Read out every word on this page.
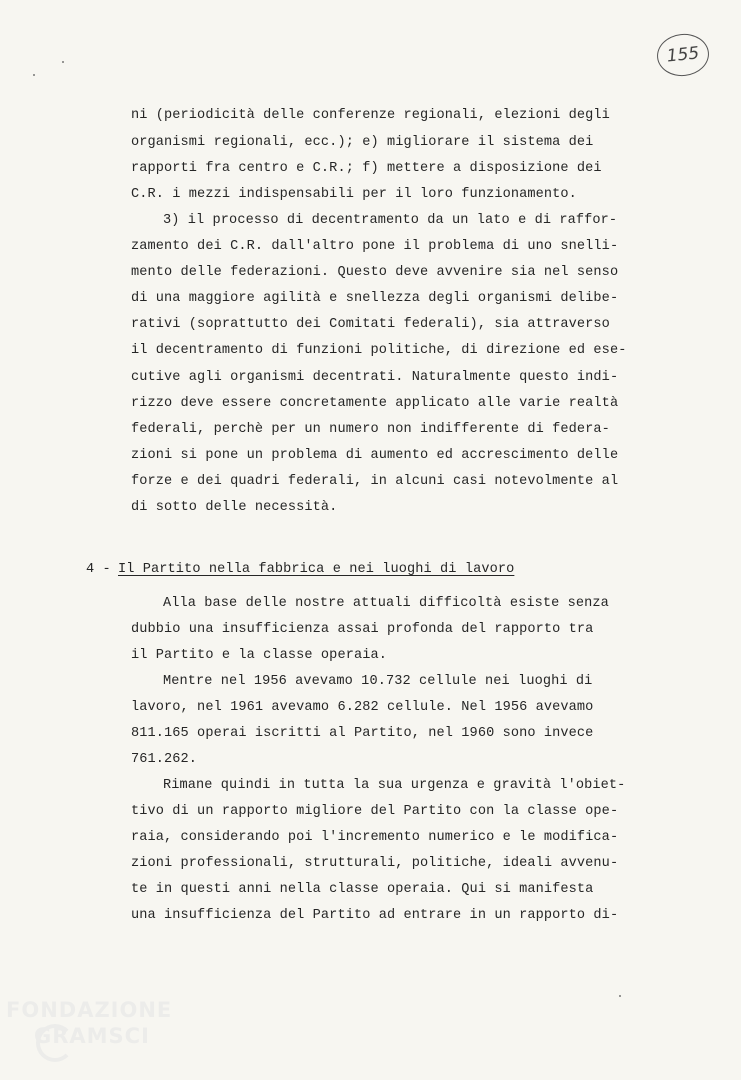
155
ni (periodicità delle conferenze regionali, elezioni degli
organismi regionali, ecc.); e) migliorare il sistema dei
rapporti fra centro e C.R.; f) mettere a disposizione dei
C.R. i mezzi indispensabili per il loro funzionamento.
3) il processo di decentramento da un lato e di raffor-
zamento dei C.R. dall'altro pone il problema di uno snelli-
mento delle federazioni. Questo deve avvenire sia nel senso
di una maggiore agilità e snellezza degli organismi delibe-
rativi (soprattutto dei Comitati federali), sia attraverso
il decentramento di funzioni politiche, di direzione ed ese-
cutive agli organismi decentrati. Naturalmente questo indi-
rizzo deve essere concretamente applicato alle varie realtà
federali, perchè per un numero non indifferente di federa-
zioni si pone un problema di aumento ed accrescimento delle
forze e dei quadri federali, in alcuni casi notevolmente al
di sotto delle necessità.
4 - Il Partito nella fabbrica e nei luoghi di lavoro
Alla base delle nostre attuali difficoltà esiste senza
dubbio una insufficienza assai profonda del rapporto tra
il Partito e la classe operaia.
Mentre nel 1956 avevamo 10.732 cellule nei luoghi di
lavoro, nel 1961 avevamo 6.282 cellule. Nel 1956 avevamo
811.165 operai iscritti al Partito, nel 1960 sono invece
761.262.
Rimane quindi in tutta la sua urgenza e gravità l'obiet-
tivo di un rapporto migliore del Partito con la classe ope-
raia, considerando poi l'incremento numerico e le modifica-
zioni professionali, strutturali, politiche, ideali avvenu-
te in questi anni nella classe operaia. Qui si manifesta
una insufficienza del Partito ad entrare in un rapporto di-
FONDAZIONE
GRAMSCI
